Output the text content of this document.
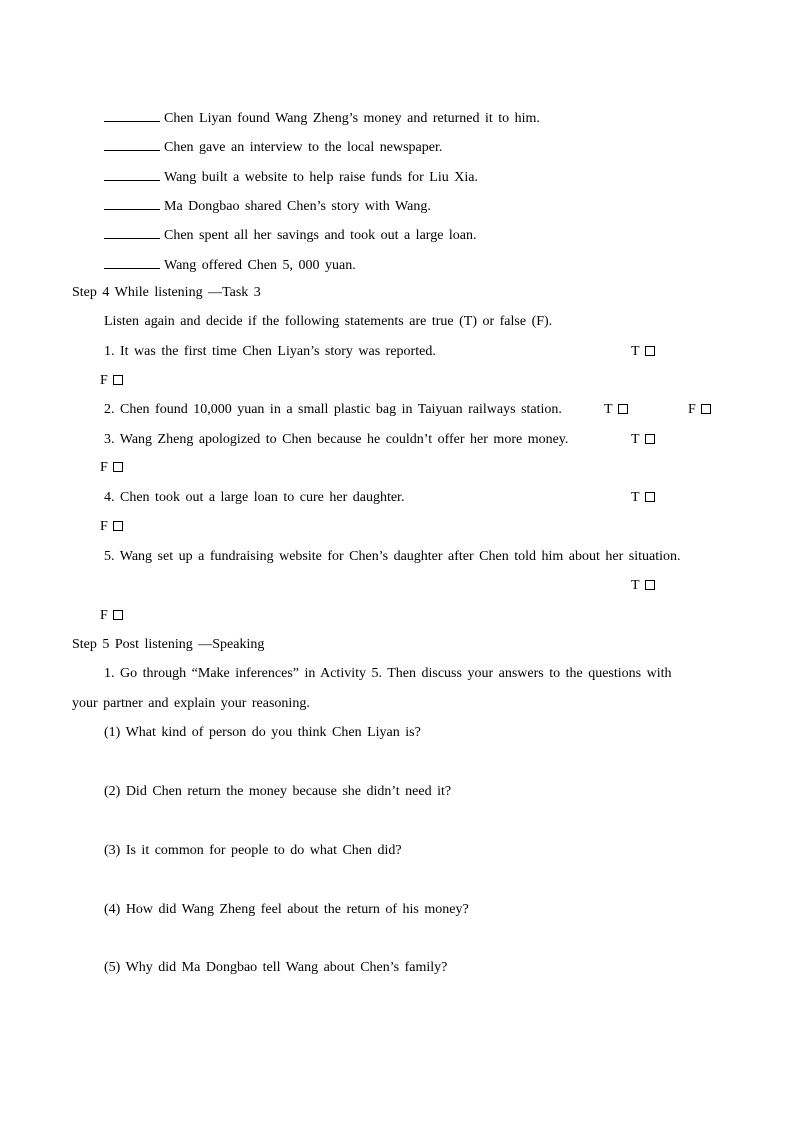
Chen Liyan found Wang Zheng’s money and returned it to him.
Chen gave an interview to the local newspaper.
Wang built a website to help raise funds for Liu Xia.
Ma Dongbao shared Chen’s story with Wang.
Chen spent all her savings and took out a large loan.
Wang offered Chen 5, 000 yuan.
Step 4 While listening —Task 3
Listen again and decide if the following statements are true (T) or false (F).
1. It was the first time Chen Liyan’s story was reported.	T
F
2. Chen found 10,000 yuan in a small plastic bag in Taiyuan railways station.	T	F
3. Wang Zheng apologized to Chen because he couldn’t offer her more money.	T
F
4. Chen took out a large loan to cure her daughter.	T
F
5. Wang set up a fundraising website for Chen’s daughter after Chen told him about her situation.
T
F
Step 5 Post listening —Speaking
1. Go through “Make inferences” in Activity 5. Then discuss your answers to the questions with
your partner and explain your reasoning.
(1) What kind of person do you think Chen Liyan is?
(2) Did Chen return the money because she didn’t need it?
(3) Is it common for people to do what Chen did?
(4) How did Wang Zheng feel about the return of his money?
(5) Why did Ma Dongbao tell Wang about Chen’s family?
